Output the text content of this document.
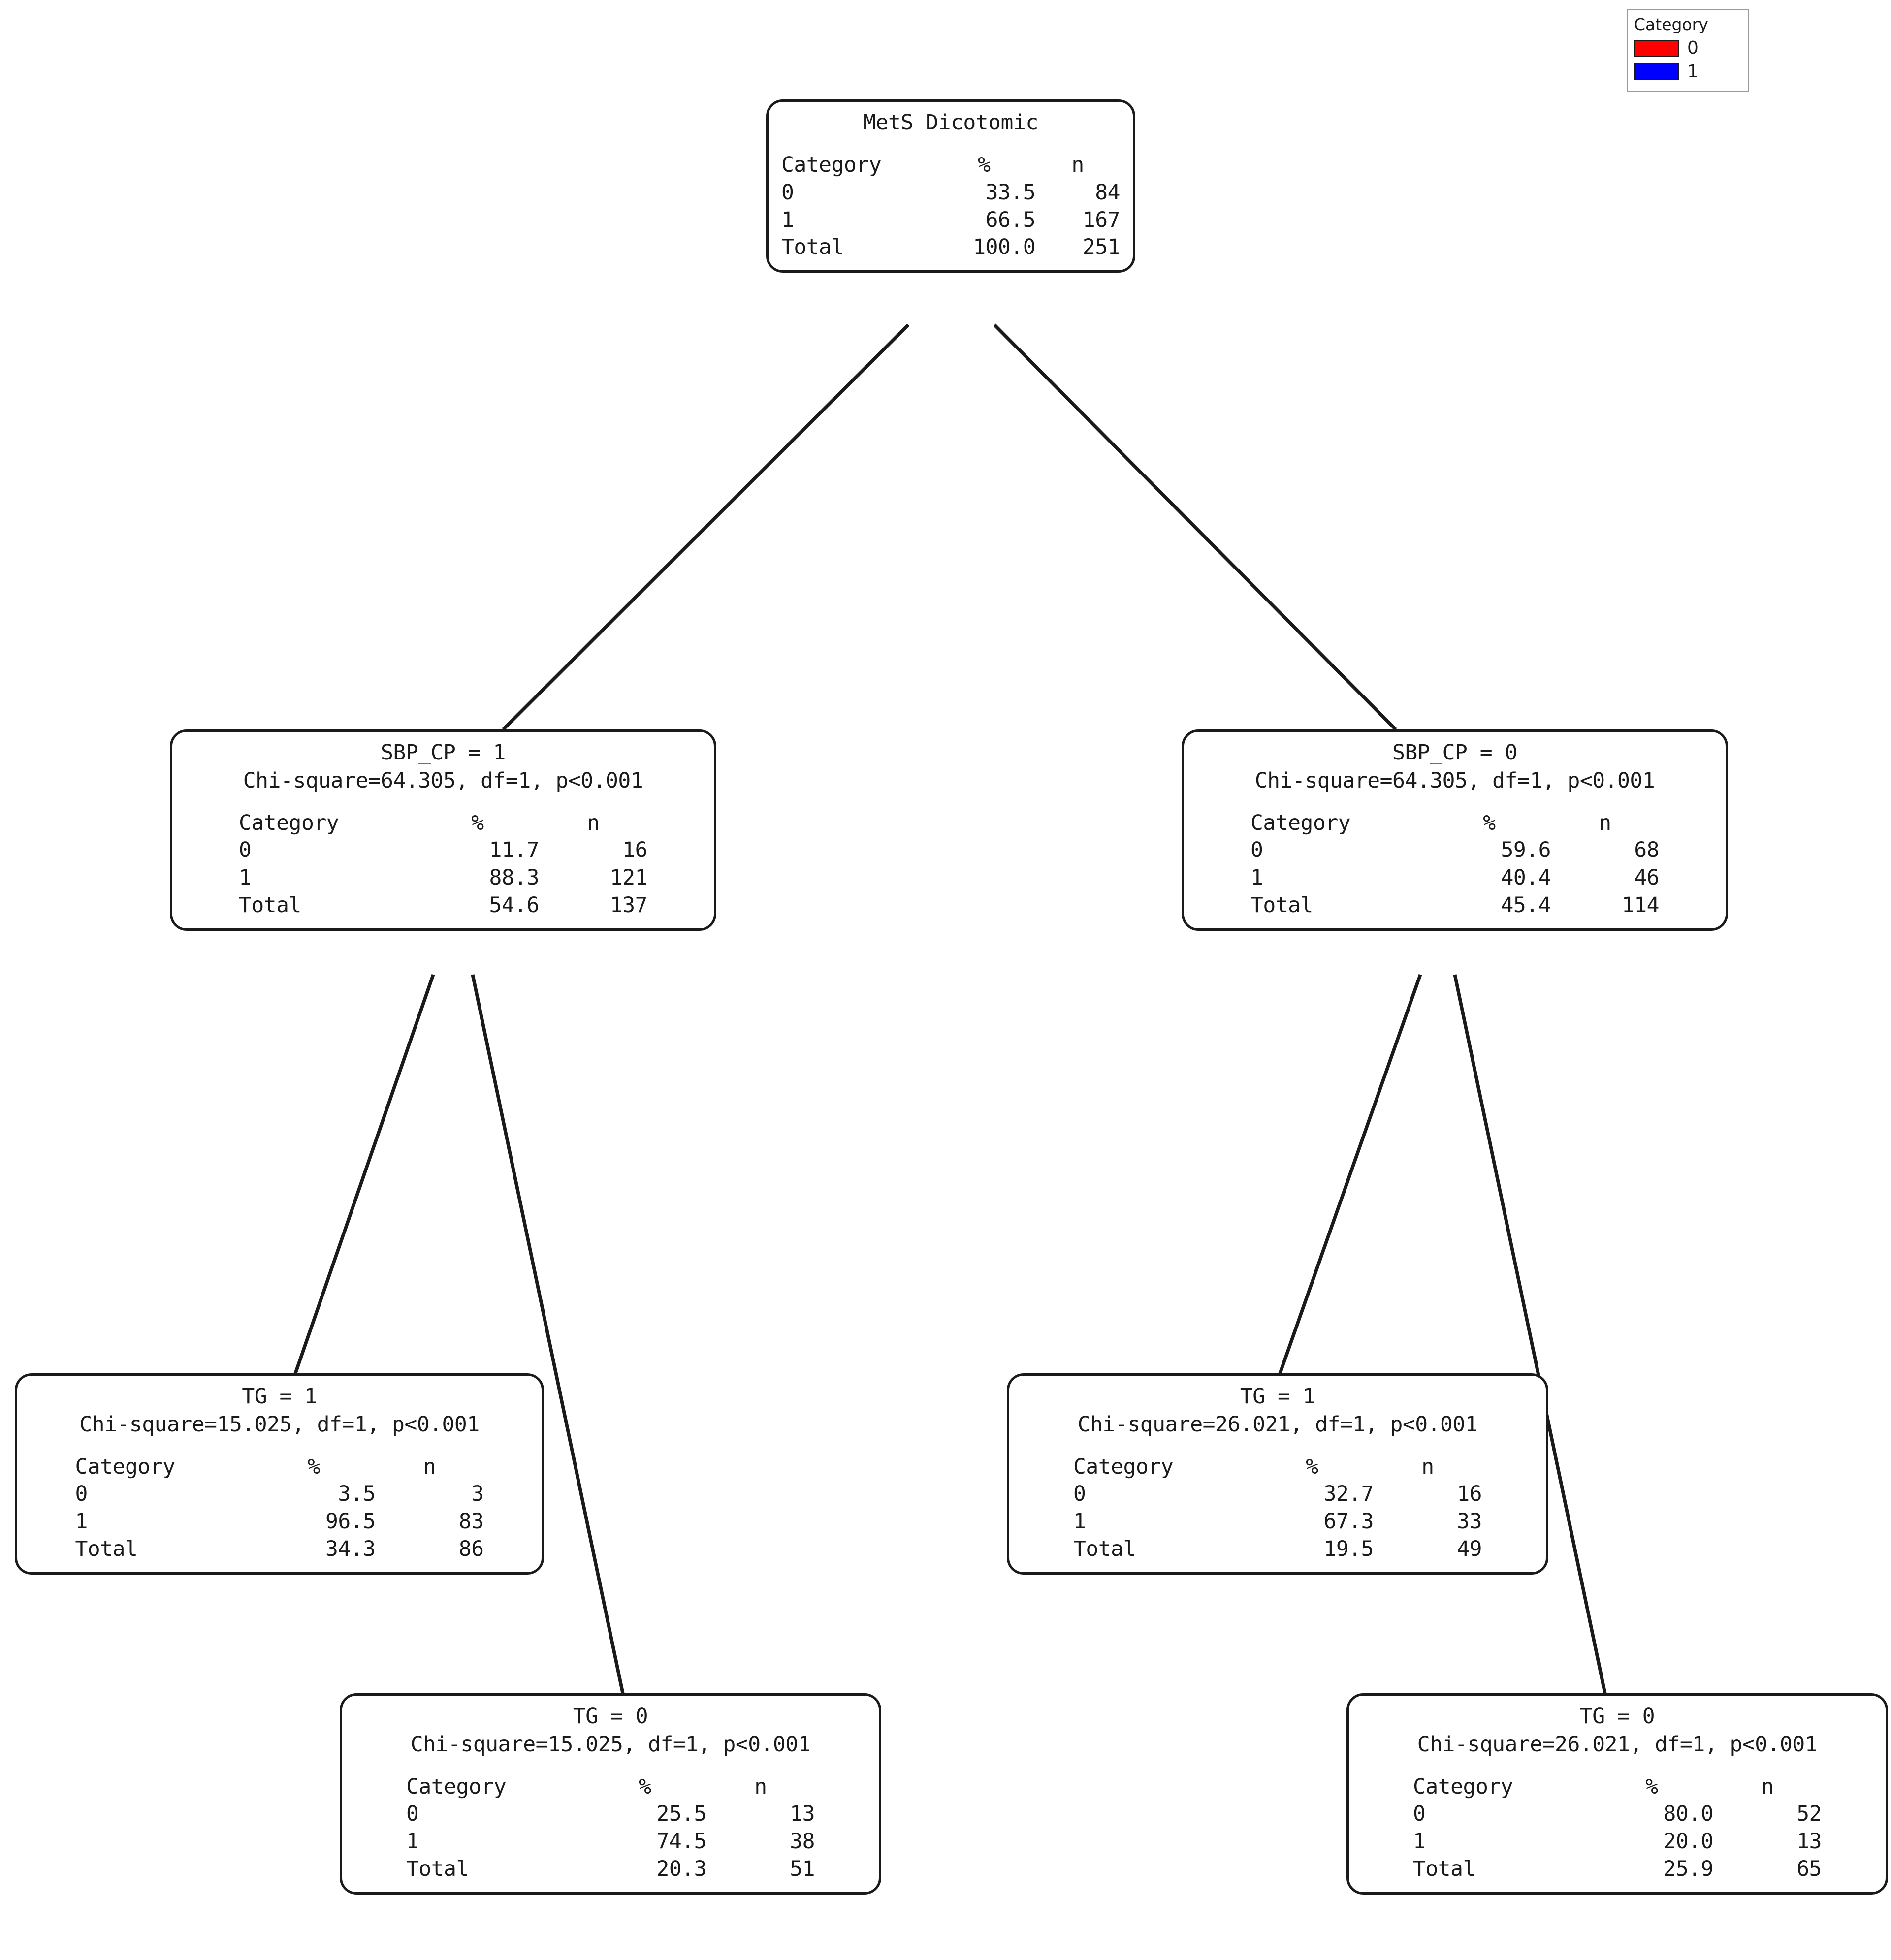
MetS Dicotomic
Category	%	n
0	33.5	84
1	66.5	167
Total	100.0	251
SBP_CP = 1
Chi-square=64.305, df=1, p<0.001
Category	%	n
0	11.7	16
1	88.3	121
Total	54.6	137
SBP_CP = 0
Chi-square=64.305, df=1, p<0.001
Category	%	n
0	59.6	68
1	40.4	46
Total	45.4	114
TG = 1
Chi-square=15.025, df=1, p<0.001
Category	%	n
0	3.5	3
1	96.5	83
Total	34.3	86
TG = 1
Chi-square=26.021, df=1, p<0.001
Category	%	n
0	32.7	16
1	67.3	33
Total	19.5	49
TG = 0
Chi-square=15.025, df=1, p<0.001
Category	%	n
0	25.5	13
1	74.5	38
Total	20.3	51
TG = 0
Chi-square=26.021, df=1, p<0.001
Category	%	n
0	80.0	52
1	20.0	13
Total	25.9	65
Category
0
1
